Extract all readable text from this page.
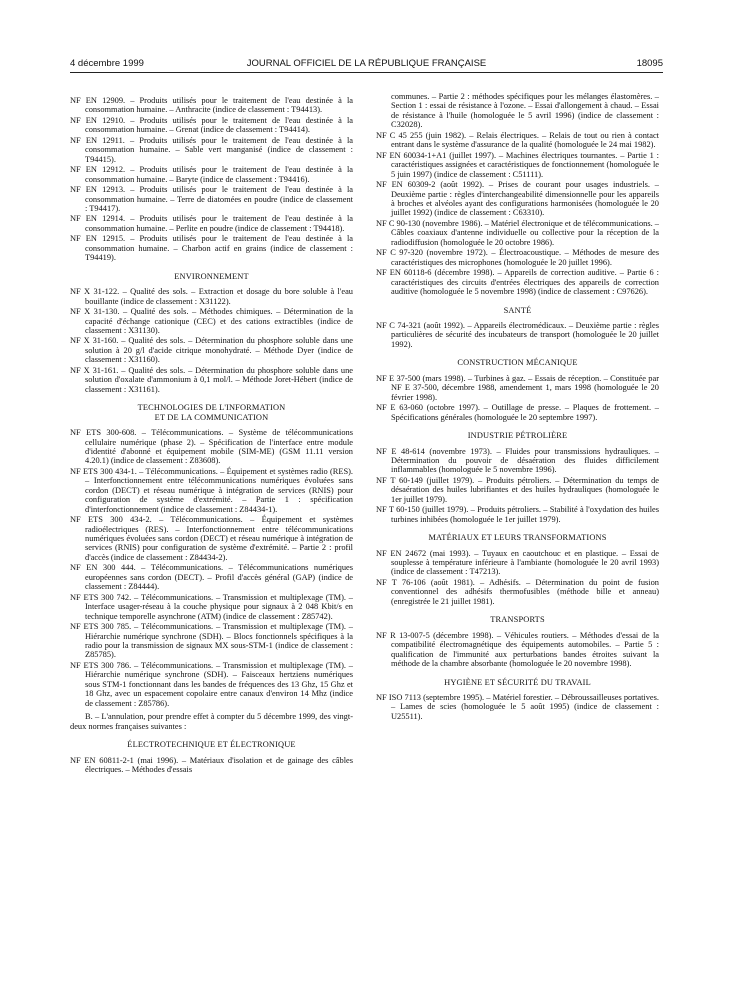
4 décembre 1999	JOURNAL OFFICIEL DE LA RÉPUBLIQUE FRANÇAISE	18095

NF EN 12909. – Produits utilisés pour le traitement de l'eau destinée à la consommation humaine. – Anthracite (indice de classement : T94413).

NF EN 12910. – Produits utilisés pour le traitement de l'eau destinée à la consommation humaine. – Grenat (indice de classement : T94414).

NF EN 12911. – Produits utilisés pour le traitement de l'eau destinée à la consommation humaine. – Sable vert manganisé (indice de classement : T94415).

NF EN 12912. – Produits utilisés pour le traitement de l'eau destinée à la consommation humaine. – Baryte (indice de classement : T94416).

NF EN 12913. – Produits utilisés pour le traitement de l'eau destinée à la consommation humaine. – Terre de diatomées en poudre (indice de classement : T94417).

NF EN 12914. – Produits utilisés pour le traitement de l'eau destinée à la consommation humaine. – Perlite en poudre (indice de classement : T94418).

NF EN 12915. – Produits utilisés pour le traitement de l'eau destinée à la consommation humaine. – Charbon actif en grains (indice de classement : T94419).

ENVIRONNEMENT

NF X 31-122. – Qualité des sols. – Extraction et dosage du bore soluble à l'eau bouillante (indice de classement : X31122).

NF X 31-130. – Qualité des sols. – Méthodes chimiques. – Détermination de la capacité d'échange cationique (CEC) et des cations extractibles (indice de classement : X31130).

NF X 31-160. – Qualité des sols. – Détermination du phosphore soluble dans une solution à 20 g/l d'acide citrique monohydraté. – Méthode Dyer (indice de classement : X31160).

NF X 31-161. – Qualité des sols. – Détermination du phosphore soluble dans une solution d'oxalate d'ammonium à 0,1 mol/l. – Méthode Joret-Hébert (indice de classement : X31161).

TECHNOLOGIES DE L'INFORMATION
ET DE LA COMMUNICATION

NF ETS 300-608. – Télécommunications. – Système de télécommunications cellulaire numérique (phase 2). – Spécification de l'interface entre module d'identité d'abonné et équipement mobile (SIM-ME) (GSM 11.11 version 4.20.1) (indice de classement : Z83608).

NF ETS 300 434-1. – Télécommunications. – Équipement et systèmes radio (RES). – Interfonctionnement entre télécommunications numériques évoluées sans cordon (DECT) et réseau numérique à intégration de services (RNIS) pour configuration de système d'extrémité. – Partie 1 : spécification d'interfonctionnement (indice de classement : Z84434-1).

NF ETS 300 434-2. – Télécommunications. – Équipement et systèmes radioélectriques (RES). – Interfonctionnement entre télécommunications numériques évoluées sans cordon (DECT) et réseau numérique à intégration de services (RNIS) pour configuration de système d'extrémité. – Partie 2 : profil d'accès (indice de classement : Z84434-2).

NF EN 300 444. – Télécommunications. – Télécommunications numériques européennes sans cordon (DECT). – Profil d'accès général (GAP) (indice de classement : Z84444).

NF ETS 300 742. – Télécommunications. – Transmission et multiplexage (TM). – Interface usager-réseau à la couche physique pour signaux à 2 048 Kbit/s en technique temporelle asynchrone (ATM) (indice de classement : Z85742).

NF ETS 300 785. – Télécommunications. – Transmission et multiplexage (TM). – Hiérarchie numérique synchrone (SDH). – Blocs fonctionnels spécifiques à la radio pour la transmission de signaux MX sous-STM-1 (indice de classement : Z85785).

NF ETS 300 786. – Télécommunications. – Transmission et multiplexage (TM). – Hiérarchie numérique synchrone (SDH). – Faisceaux hertziens numériques sous STM-1 fonctionnant dans les bandes de fréquences des 13 Ghz, 15 Ghz et 18 Ghz, avec un espacement copolaire entre canaux d'environ 14 Mhz (indice de classement : Z85786).

B. – L'annulation, pour prendre effet à compter du 5 décembre 1999, des vingt-deux normes françaises suivantes :

ÉLECTROTECHNIQUE ET ÉLECTRONIQUE

NF EN 60811-2-1 (mai 1996). – Matériaux d'isolation et de gainage des câbles électriques. – Méthodes d'essais

communes. – Partie 2 : méthodes spécifiques pour les mélanges élastomères. – Section 1 : essai de résistance à l'ozone. – Essai d'allongement à chaud. – Essai de résistance à l'huile (homologuée le 5 avril 1996) (indice de classement : C32028).

NF C 45 255 (juin 1982). – Relais électriques. – Relais de tout ou rien à contact entrant dans le système d'assurance de la qualité (homologuée le 24 mai 1982).

NF EN 60034-1+A1 (juillet 1997). – Machines électriques tournantes. – Partie 1 : caractéristiques assignées et caractéristiques de fonctionnement (homologuée le 5 juin 1997) (indice de classement : C51111).

NF EN 60309-2 (août 1992). – Prises de courant pour usages industriels. – Deuxième partie : règles d'interchangeabilité dimensionnelle pour les appareils à broches et alvéoles ayant des configurations harmonisées (homologuée le 20 juillet 1992) (indice de classement : C63310).

NF C 90-130 (novembre 1986). – Matériel électronique et de télécommunications. – Câbles coaxiaux d'antenne individuelle ou collective pour la réception de la radiodiffusion (homologuée le 20 octobre 1986).

NF C 97-320 (novembre 1972). – Électroacoustique. – Méthodes de mesure des caractéristiques des microphones (homologuée le 20 juillet 1996).

NF EN 60118-6 (décembre 1998). – Appareils de correction auditive. – Partie 6 : caractéristiques des circuits d'entrées électriques des appareils de correction auditive (homologuée le 5 novembre 1998) (indice de classement : C97626).

SANTÉ

NF C 74-321 (août 1992). – Appareils électromédicaux. – Deuxième partie : règles particulières de sécurité des incubateurs de transport (homologuée le 20 juillet 1992).

CONSTRUCTION MÉCANIQUE

NF E 37-500 (mars 1998). – Turbines à gaz. – Essais de réception. – Constituée par NF E 37-500, décembre 1988, amendement 1, mars 1998 (homologuée le 20 février 1998).

NF E 63-060 (octobre 1997). – Outillage de presse. – Plaques de frottement. – Spécifications générales (homologuée le 20 septembre 1997).

INDUSTRIE PÉTROLIÈRE

NF E 48-614 (novembre 1973). – Fluides pour transmissions hydrauliques. – Détermination du pouvoir de désaération des fluides difficilement inflammables (homologuée le 5 novembre 1996).

NF T 60-149 (juillet 1979). – Produits pétroliers. – Détermination du temps de désaération des huiles lubrifiantes et des huiles hydrauliques (homologuée le 1er juillet 1979).

NF T 60-150 (juillet 1979). – Produits pétroliers. – Stabilité à l'oxydation des huiles turbines inhibées (homologuée le 1er juillet 1979).

MATÉRIAUX ET LEURS TRANSFORMATIONS

NF EN 24672 (mai 1993). – Tuyaux en caoutchouc et en plastique. – Essai de souplesse à température inférieure à l'ambiante (homologuée le 20 avril 1993) (indice de classement : T47213).

NF T 76-106 (août 1981). – Adhésifs. – Détermination du point de fusion conventionnel des adhésifs thermofusibles (méthode bille et anneau) (enregistrée le 21 juillet 1981).

TRANSPORTS

NF R 13-007-5 (décembre 1998). – Véhicules routiers. – Méthodes d'essai de la compatibilité électromagnétique des équipements automobiles. – Partie 5 : qualification de l'immunité aux perturbations bandes étroites suivant la méthode de la chambre absorbante (homologuée le 20 novembre 1998).

HYGIÈNE ET SÉCURITÉ DU TRAVAIL

NF ISO 7113 (septembre 1995). – Matériel forestier. – Débroussailleuses portatives. – Lames de scies (homologuée le 5 août 1995) (indice de classement : U25511).
